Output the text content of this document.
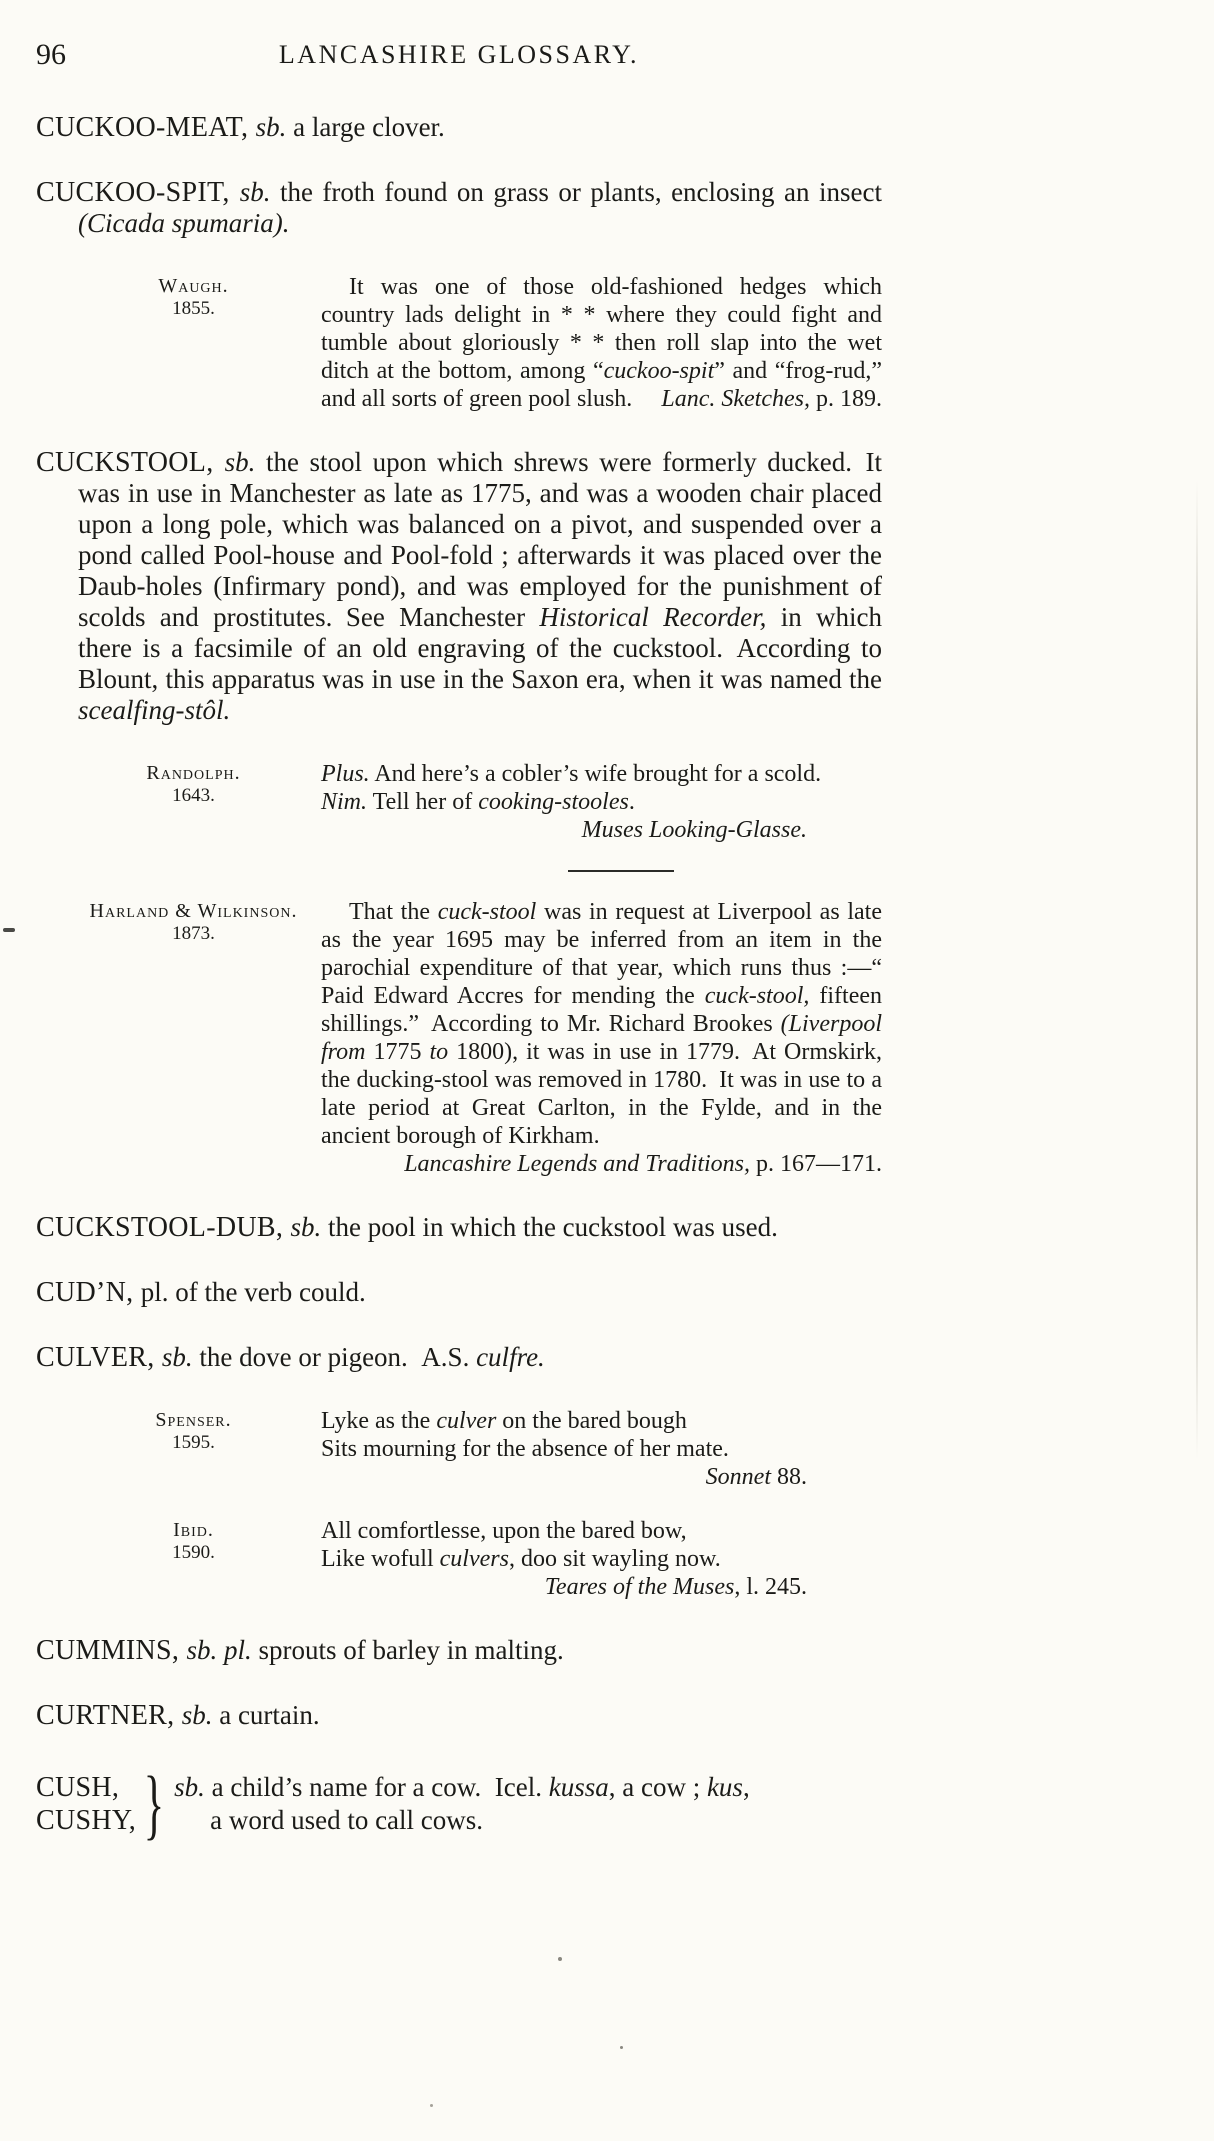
96	LANCASHIRE GLOSSARY.

CUCKOO-MEAT, sb. a large clover.

CUCKOO-SPIT, sb. the froth found on grass or plants, enclosing an insect (Cicada spumaria).

Waugh.
1855.

It was one of those old-fashioned hedges which country lads delight in * * where they could fight and tumble about gloriously * * then roll slap into the wet ditch at the bottom, among “cuckoo-spit” and “frog-rud,” and all sorts of green pool slush.	Lanc. Sketches, p. 189.

CUCKSTOOL, sb. the stool upon which shrews were formerly ducked. It was in use in Manchester as late as 1775, and was a wooden chair placed upon a long pole, which was balanced on a pivot, and suspended over a pond called Pool-house and Pool-fold ; afterwards it was placed over the Daub-holes (Infirmary pond), and was employed for the punishment of scolds and prostitutes. See Manchester Historical Recorder, in which there is a facsimile of an old engraving of the cuckstool. According to Blount, this apparatus was in use in the Saxon era, when it was named the scealfing-stôl.

Randolph.
1643.
Plus. And here’s a cobler’s wife brought for a scold.
Nim. Tell her of cooking-stooles.
Muses Looking-Glasse.
Harland & Wilkinson.
1873.

That the cuck-stool was in request at Liverpool as late as the year 1695 may be inferred from an item in the parochial expenditure of that year, which runs thus :—“ Paid Edward Accres for mending the cuck-stool, fifteen shillings.” According to Mr. Richard Brookes (Liverpool from 1775 to 1800), it was in use in 1779. At Ormskirk, the ducking-stool was removed in 1780. It was in use to a late period at Great Carlton, in the Fylde, and in the ancient borough of Kirkham.

Lancashire Legends and Traditions, p. 167—171.

CUCKSTOOL-DUB, sb. the pool in which the cuckstool was used.

CUD’N, pl. of the verb could.

CULVER, sb. the dove or pigeon. A.S. culfre.

Spenser.
1595.
Lyke as the culver on the bared bough
Sits mourning for the absence of her mate.
Sonnet 88.
Ibid.
1590.
All comfortlesse, upon the bared bow,
Like wofull culvers, doo sit wayling now.
Teares of the Muses, l. 245.

CUMMINS, sb. pl. sprouts of barley in malting.

CURTNER, sb. a curtain.

CUSH,
CUSHY, } sb. a child’s name for a cow. Icel. kussa, a cow ; kus,
a word used to call cows.
